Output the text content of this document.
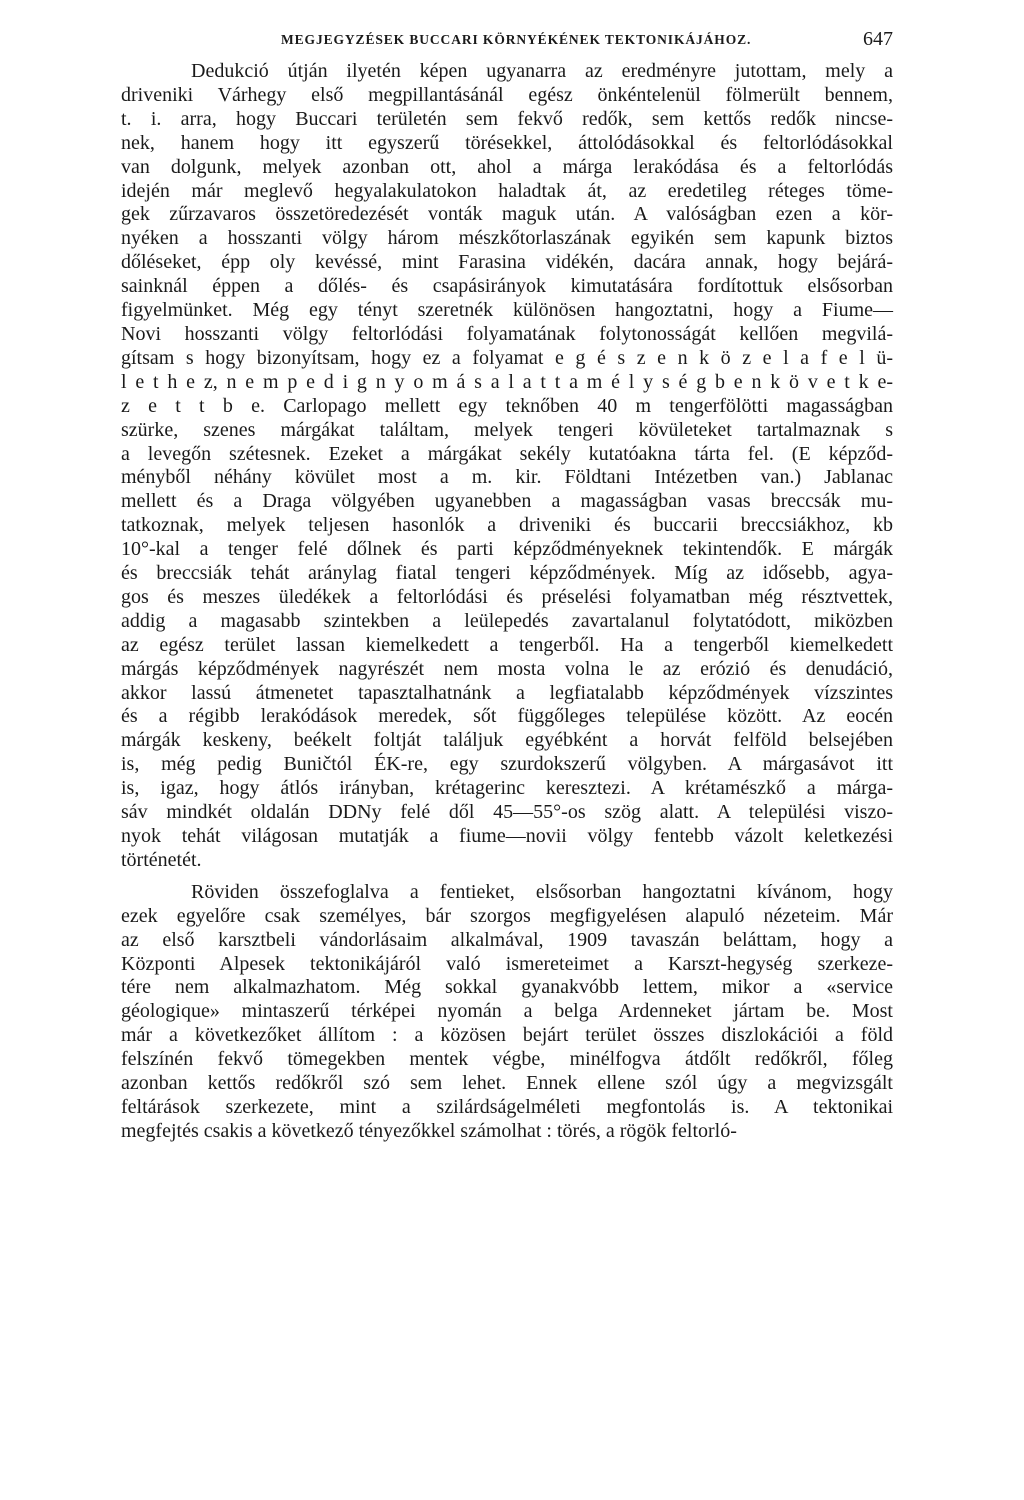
MEGJEGYZÉSEK BUCCARI KÖRNYÉKÉNEK TEKTONIKÁJÁHOZ.	647

Dedukció útján ilyetén képen ugyanarra az eredményre jutottam, mely a
driveniki Várhegy első megpillantásánál egész önkéntelenül fölmerült bennem,
t. i. arra, hogy Buccari területén sem fekvő redők, sem kettős redők nincse-
nek, hanem hogy itt egyszerű törésekkel, áttolódásokkal és feltorlódásokkal
van dolgunk, melyek azonban ott, ahol a márga lerakódása és a feltorlódás
idején már meglevő hegyalakulatokon haladtak át, az eredetileg réteges töme-
gek zűrzavaros összetöredezését vonták maguk után. A valóságban ezen a kör-
nyéken a hosszanti völgy három mészkőtorlaszának egyikén sem kapunk biztos
dőléseket, épp oly kevéssé, mint Farasina vidékén, dacára annak, hogy bejárá-
sainknál éppen a dőlés- és csapásirányok kimutatására fordítottuk elsősorban
figyelmünket. Még egy tényt szeretnék különösen hangoztatni, hogy a Fiume—
Novi hosszanti völgy feltorlódási folyamatának folytonosságát kellően megvilá-
gítsam s hogy bizonyítsam, hogy ez a folyamat e g é s z e n k ö z e l a f e l ü-
l e t h e z, n e m p e d i g n y o m á s a l a t t a m é l y s é g b e n k ö v e t k e-
z e t t b e. Carlopago mellett egy teknőben 40 m tengerfölötti magasságban
szürke, szenes márgákat találtam, melyek tengeri kövületeket tartalmaznak s
a levegőn szétesnek. Ezeket a márgákat sekély kutatóakna tárta fel. (E képződ-
ményből néhány kövület most a m. kir. Földtani Intézetben van.) Jablanac
mellett és a Draga völgyében ugyanebben a magasságban vasas breccsák mu-
tatkoznak, melyek teljesen hasonlók a driveniki és buccarii breccsiákhoz, kb
10°-kal a tenger felé dőlnek és parti képződményeknek tekintendők. E márgák
és breccsiák tehát aránylag fiatal tengeri képződmények. Míg az idősebb, agya-
gos és meszes üledékek a feltorlódási és préselési folyamatban még résztvettek,
addig a magasabb szintekben a leülepedés zavartalanul folytatódott, miközben
az egész terület lassan kiemelkedett a tengerből. Ha a tengerből kiemelkedett
márgás képződmények nagyrészét nem mosta volna le az erózió és denudáció,
akkor lassú átmenetet tapasztalhatnánk a legfiatalabb képződmények vízszintes
és a régibb lerakódások meredek, sőt függőleges települése között. Az eocén
márgák keskeny, beékelt foltját találjuk egyébként a horvát felföld belsejében
is, még pedig Buničtól ÉK-re, egy szurdokszerű völgyben. A márgasávot itt
is, igaz, hogy átlós irányban, krétagerinc keresztezi. A krétamészkő a márga-
sáv mindkét oldalán DDNy felé dől 45—55°-os szög alatt. A települési viszo-
nyok tehát világosan mutatják a fiume—novii völgy fentebb vázolt keletkezési
történetét.

Röviden összefoglalva a fentieket, elsősorban hangoztatni kívánom, hogy
ezek egyelőre csak személyes, bár szorgos megfigyelésen alapuló nézeteim. Már
az első karsztbeli vándorlásaim alkalmával, 1909 tavaszán beláttam, hogy a
Központi Alpesek tektonikájáról való ismereteimet a Karszt-hegység szerkeze-
tére nem alkalmazhatom. Még sokkal gyanakvóbb lettem, mikor a «service
géologique» mintaszerű térképei nyomán a belga Ardenneket jártam be. Most
már a következőket állítom : a közösen bejárt terület összes diszlokációi a föld
felszínén fekvő tömegekben mentek végbe, minélfogva átdőlt redőkről, főleg
azonban kettős redőkről szó sem lehet. Ennek ellene szól úgy a megvizsgált
feltárások szerkezete, mint a szilárdságelméleti megfontolás is. A tektonikai
megfejtés csakis a következő tényezőkkel számolhat : törés, a rögök feltorló-
